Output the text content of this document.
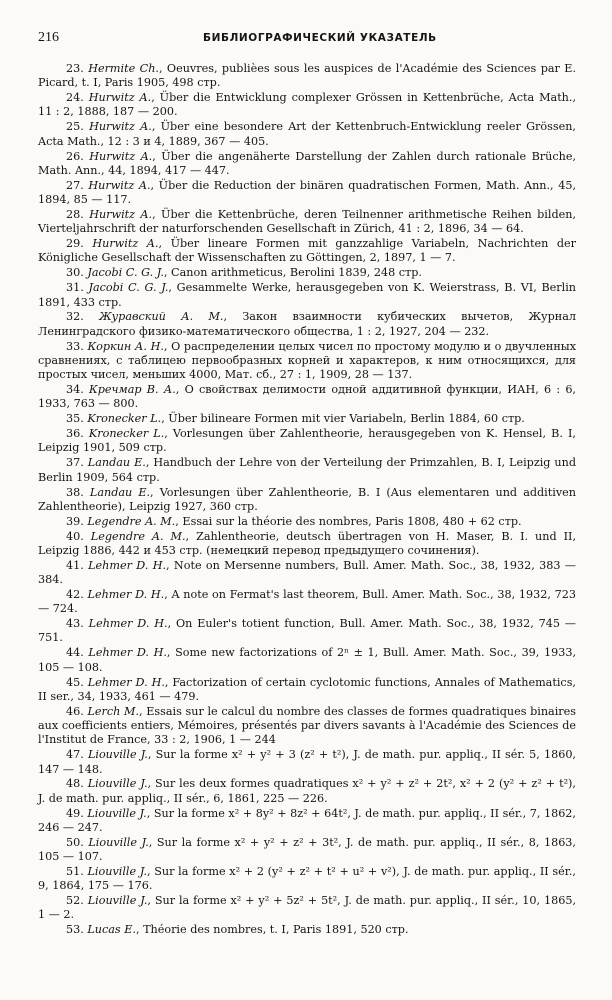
216	БИБЛИОГРАФИЧЕСКИЙ УКАЗАТЕЛЬ

23. Hermite Ch., Oeuvres, publièes sous les auspices de l'Académie des Sciences par E. Picard, t. I, Paris 1905, 498 стр.

24. Hurwitz A., Über die Entwicklung complexer Grössen in Kettenbrüche, Acta Math., 11 : 2, 1888, 187 — 200.

25. Hurwitz A., Über eine besondere Art der Kettenbruch-Entwicklung reeler Grössen, Acta Math., 12 : 3 и 4, 1889, 367 — 405.

26. Hurwitz A., Über die angenäherte Darstellung der Zahlen durch rationale Brüche, Math. Ann., 44, 1894, 417 — 447.

27. Hurwitz A., Über die Reduction der binären quadratischen Formen, Math. Ann., 45, 1894, 85 — 117.

28. Hurwitz A., Über die Kettenbrüche, deren Teilnenner arithmetische Reihen bilden, Vierteljahrschrift der naturforschenden Gesellschaft in Zürich, 41 : 2, 1896, 34 — 64.

29. Hurwitz A., Über lineare Formen mit ganzzahlige Variabeln, Nachrichten der Königliche Gesellschaft der Wissenschaften zu Göttingen, 2, 1897, 1 — 7.

30. Jacobi C. G. J., Canon arithmeticus, Berolini 1839, 248 стр.

31. Jacobi C. G. J., Gesammelte Werke, herausgegeben von K. Weierstrass, B. VI, Berlin 1891, 433 стр.

32. Журавский А. М., Закон взаимности кубических вычетов, Журнал Ленинградского физико-математического общества, 1 : 2, 1927, 204 — 232.

33. Коркин А. Н., О распределении целых чисел по простому модулю и о двучленных сравнениях, с таблицею первообразных корней и характеров, к ним относящихся, для простых чисел, меньших 4000, Мат. сб., 27 : 1, 1909, 28 — 137.

34. Кречмар В. А., О свойствах делимости одной аддитивной функции, ИАН, 6 : 6, 1933, 763 — 800.

35. Kronecker L., Über bilineare Formen mit vier Variabeln, Berlin 1884, 60 стр.

36. Kronecker L., Vorlesungen über Zahlentheorie, herausgegeben von K. Hensel, B. I, Leipzig 1901, 509 стр.

37. Landau E., Handbuch der Lehre von der Verteilung der Primzahlen, B. I, Leipzig und Berlin 1909, 564 стр.

38. Landau E., Vorlesungen über Zahlentheorie, B. I (Aus elementaren und additiven Zahlentheorie), Leipzig 1927, 360 стр.

39. Legendre A. M., Essai sur la théorie des nombres, Paris 1808, 480 + 62 стр.

40. Legendre A. M., Zahlentheorie, deutsch übertragen von H. Maser, B. I. und II, Leipzig 1886, 442 и 453 стр. (немецкий перевод предыдущего сочинения).

41. Lehmer D. H., Note on Mersenne numbers, Bull. Amer. Math. Soc., 38, 1932, 383 — 384.

42. Lehmer D. H., A note on Fermat's last theorem, Bull. Amer. Math. Soc., 38, 1932, 723 — 724.

43. Lehmer D. H., On Euler's totient function, Bull. Amer. Math. Soc., 38, 1932, 745 — 751.

44. Lehmer D. H., Some new factorizations of 2ⁿ ± 1, Bull. Amer. Math. Soc., 39, 1933, 105 — 108.

45. Lehmer D. H., Factorization of certain cyclotomic functions, Annales of Mathematics, II ser., 34, 1933, 461 — 479.

46. Lerch M., Essais sur le calcul du nombre des classes de formes quadratiques binaires aux coefficients entiers, Mémoires, présentés par divers savants à l'Académie des Sciences de l'Institut de France, 33 : 2, 1906, 1 — 244

47. Liouville J., Sur la forme x² + y² + 3 (z² + t²), J. de math. pur. appliq., II sér. 5, 1860, 147 — 148.

48. Liouville J., Sur les deux formes quadratiques x² + y² + z² + 2t², x² + 2 (y² + z² + t²), J. de math. pur. appliq., II sér., 6, 1861, 225 — 226.

49. Liouville J., Sur la forme x² + 8y² + 8z² + 64t², J. de math. pur. appliq., II sér., 7, 1862, 246 — 247.

50. Liouville J., Sur la forme x² + y² + z² + 3t², J. de math. pur. appliq., II sér., 8, 1863, 105 — 107.

51. Liouville J., Sur la forme x² + 2 (y² + z² + t² + u² + v²), J. de math. pur. appliq., II sér., 9, 1864, 175 — 176.

52. Liouville J., Sur la forme x² + y² + 5z² + 5t², J. de math. pur. appliq., II sér., 10, 1865, 1 — 2.

53. Lucas E., Théorie des nombres, t. I, Paris 1891, 520 стр.
